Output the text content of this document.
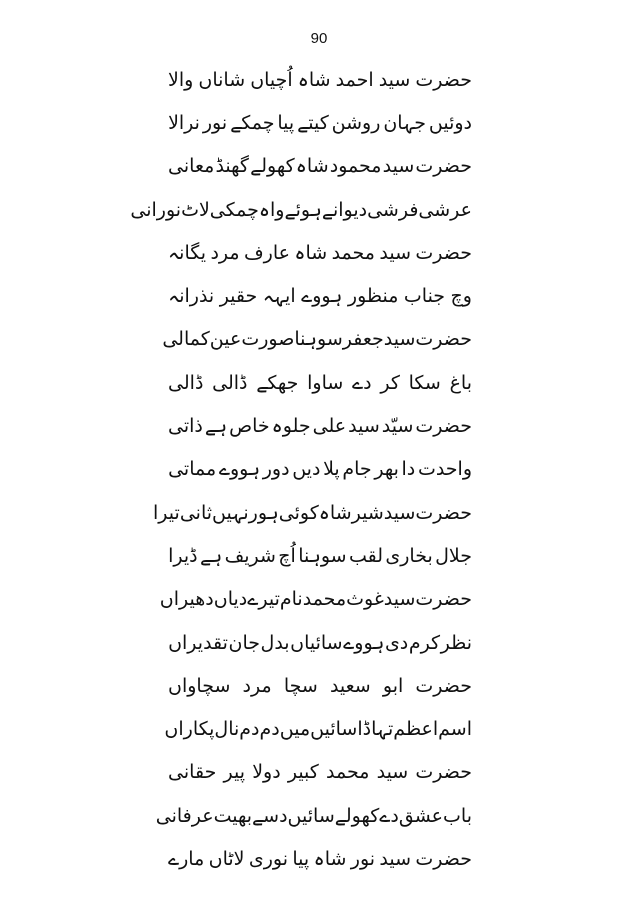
90
حضرت
سید
احمد
شاہ
اُچیاں
شاناں
والا
دوئیں
جہان
روشن
کیتے
پیا
چمکے
نور
نرالا
حضرت
سید
محمود
شاہ
کھولے
گھنڈ
معانی
عرشی
فرشی
دیوانے
ہوئے
واہ
چمکی
لاٹ
نورانی
حضرت
سید
محمد
شاہ
عارف
مرد
یگانہ
وچ
جناب
منظور
ہووے
ایہہ
حقیر
نذرانہ
حضرت
سید
جعفر
سوہنا
صورت
عین
کمالی
باغ
سکا
کر
دے
ساوا
جھکے
ڈالی
ڈالی
حضرت
سیّد
سید
علی
جلوہ
خاص
ہے
ذاتی
واحدت
دا
بھر
جام
پلا
دیں
دور
ہووے
مماتی
حضرت
سید
شیر
شاہ
کوئی
ہور
نہیں
ثانی
تیرا
جلال
بخاری
لقب
سوہنا
اُچ
شریف
ہے
ڈیرا
حضرت
سید
غوث
محمد
نام
تیرے
دیاں
دھیراں
نظر
کرم
دی
ہووے
سائیاں
بدل
جان
تقدیراں
حضرت
ابو
سعید
سچا
مرد
سچاواں
اسم
اعظم
تہاڈا
سائیں
میں
دم
دم
نال
پکاراں
حضرت
سید
محمد
کبیر
دولا
پیر
حقانی
باب
عشق
دے
کھولے
سائیں
دسے
بھیت
عرفانی
حضرت
سید
نور
شاہ
پیا
نوری
لاٹاں
مارے
